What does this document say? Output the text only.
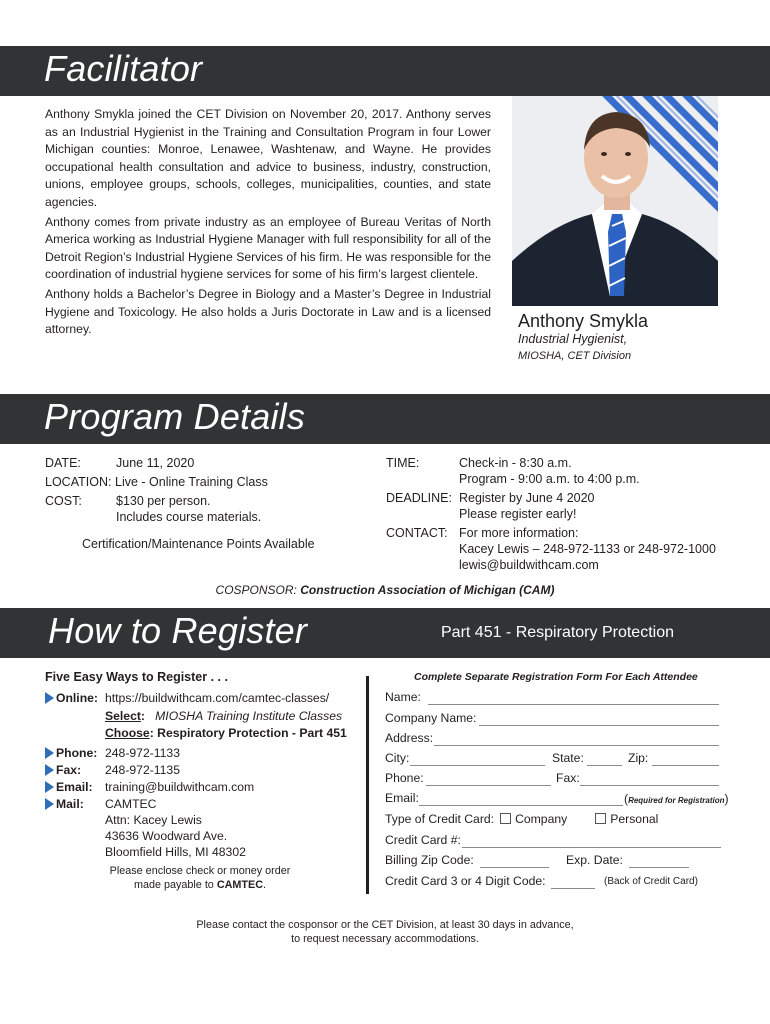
Facilitator

Anthony Smykla joined the CET Division on November 20, 2017. Anthony serves as an Industrial Hygienist in the Training and Consultation Program in four Lower Michigan counties: Monroe, Lenawee, Washtenaw, and Wayne. He provides occupational health consultation and advice to business, industry, construction, unions, employee groups, schools, colleges, municipalities, counties, and state agencies.

Anthony comes from private industry as an employee of Bureau Veritas of North America working as Industrial Hygiene Manager with full responsibility for all of the Detroit Region’s Industrial Hygiene Services of his firm. He was responsible for the coordination of industrial hygiene services for some of his firm’s largest clientele.

Anthony holds a Bachelor’s Degree in Biology and a Master’s Degree in Industrial Hygiene and Toxicology. He also holds a Juris Doctorate in Law and is a licensed attorney.	Anthony Smykla
Industrial Hygienist,
MIOSHA, CET Division
Program Details
DATE:	June 11, 2020
LOCATION: Live - Online Training Class
COST:	$130 per person.
Includes course materials.
Certification/Maintenance Points Available
TIME:	Check-in - 8:30 a.m.
Program - 9:00 a.m. to 4:00 p.m.
DEADLINE: Register by June 4 2020
Please register early!
CONTACT: For more information:
Kacey Lewis – 248-972-1133 or 248-972-1000
lewis@buildwithcam.com
COSPONSOR: Construction Association of Michigan (CAM)
How to Register	Part 451 - Respiratory Protection
Five Easy Ways to Register . . .
Online: https://buildwithcam.com/camtec-classes/
Select: MIOSHA Training Institute Classes
Choose: Respiratory Protection - Part 451
Phone: 248-972-1133
Fax: 248-972-1135
Email: training@buildwithcam.com
Mail: CAMTEC
Attn: Kacey Lewis
43636 Woodward Ave.
Bloomfield Hills, MI 48302
Please enclose check or money order
made payable to CAMTEC.
Complete Separate Registration Form For Each Attendee
Name:
Company Name:
Address:
City:	State:	Zip:
Phone:	Fax:
Email:	(Required for Registration)
Type of Credit Card: Company	Personal
Credit Card #:
Billing Zip Code:	Exp. Date:
Credit Card 3 or 4 Digit Code:	(Back of Credit Card)
Please contact the cosponsor or the CET Division, at least 30 days in advance,
to request necessary accommodations.
